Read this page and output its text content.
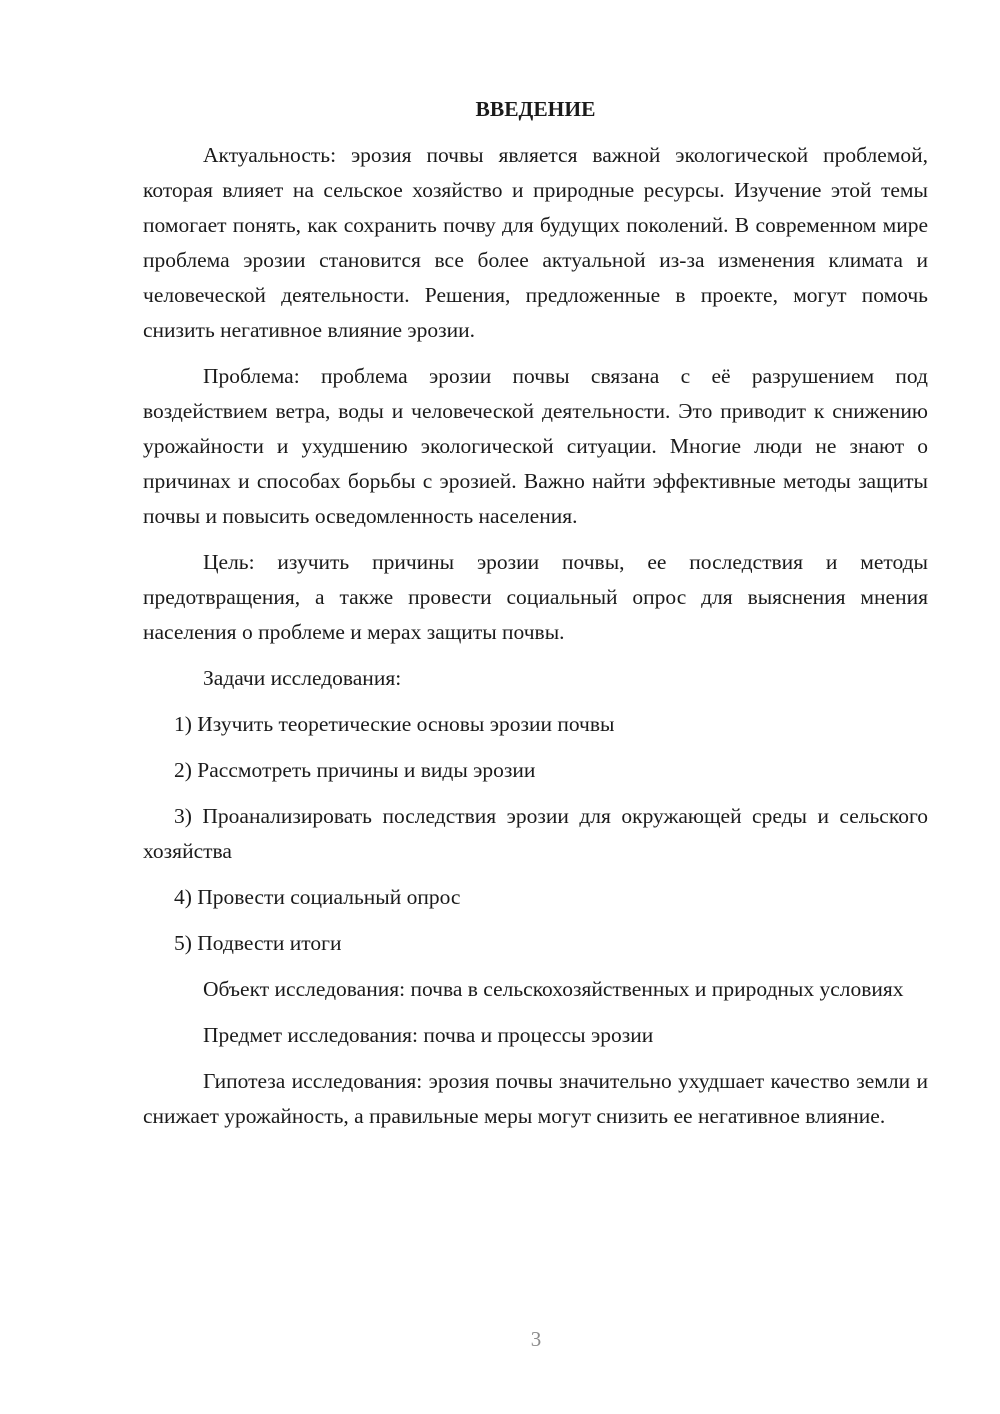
ВВЕДЕНИЕ

Актуальность: эрозия почвы является важной экологической проблемой, которая влияет на сельское хозяйство и природные ресурсы. Изучение этой темы помогает понять, как сохранить почву для будущих поколений. В современном мире проблема эрозии становится все более актуальной из-за изменения климата и человеческой деятельности. Решения, предложенные в проекте, могут помочь снизить негативное влияние эрозии.

Проблема: проблема эрозии почвы связана с её разрушением под воздействием ветра, воды и человеческой деятельности. Это приводит к снижению урожайности и ухудшению экологической ситуации. Многие люди не знают о причинах и способах борьбы с эрозией. Важно найти эффективные методы защиты почвы и повысить осведомленность населения.

Цель: изучить причины эрозии почвы, ее последствия и методы предотвращения, а также провести социальный опрос для выяснения мнения населения о проблеме и мерах защиты почвы.

Задачи исследования:

1) Изучить теоретические основы эрозии почвы

2) Рассмотреть причины и виды эрозии

3) Проанализировать последствия эрозии для окружающей среды и сельского хозяйства

4) Провести социальный опрос

5) Подвести итоги

Объект исследования: почва в сельскохозяйственных и природных условиях

Предмет исследования: почва и процессы эрозии

Гипотеза исследования: эрозия почвы значительно ухудшает качество земли и снижает урожайность, а правильные меры могут снизить ее негативное влияние.

3
